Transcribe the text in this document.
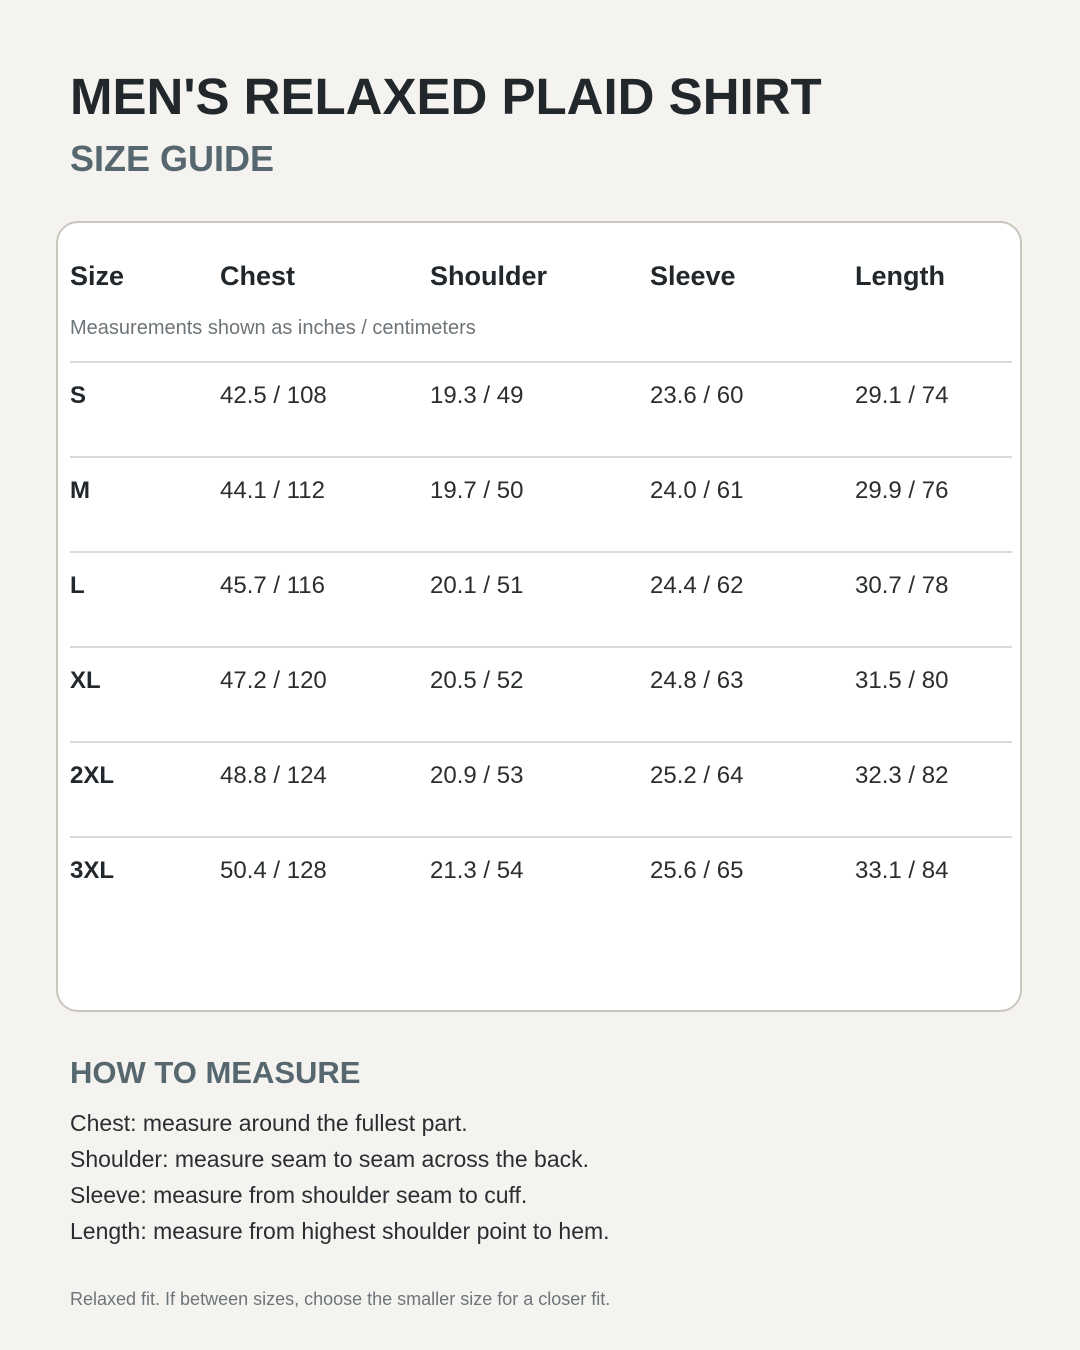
MEN'S RELAXED PLAID SHIRT
SIZE GUIDE
Size	Chest	Shoulder	Sleeve	Length
Measurements shown as inches / centimeters
S	42.5 / 108	19.3 / 49	23.6 / 60	29.1 / 74
M	44.1 / 112	19.7 / 50	24.0 / 61	29.9 / 76
L	45.7 / 116	20.1 / 51	24.4 / 62	30.7 / 78
XL	47.2 / 120	20.5 / 52	24.8 / 63	31.5 / 80
2XL	48.8 / 124	20.9 / 53	25.2 / 64	32.3 / 82
3XL	50.4 / 128	21.3 / 54	25.6 / 65	33.1 / 84
HOW TO MEASURE
Chest: measure around the fullest part.
Shoulder: measure seam to seam across the back.
Sleeve: measure from shoulder seam to cuff.
Length: measure from highest shoulder point to hem.
Relaxed fit. If between sizes, choose the smaller size for a closer fit.
